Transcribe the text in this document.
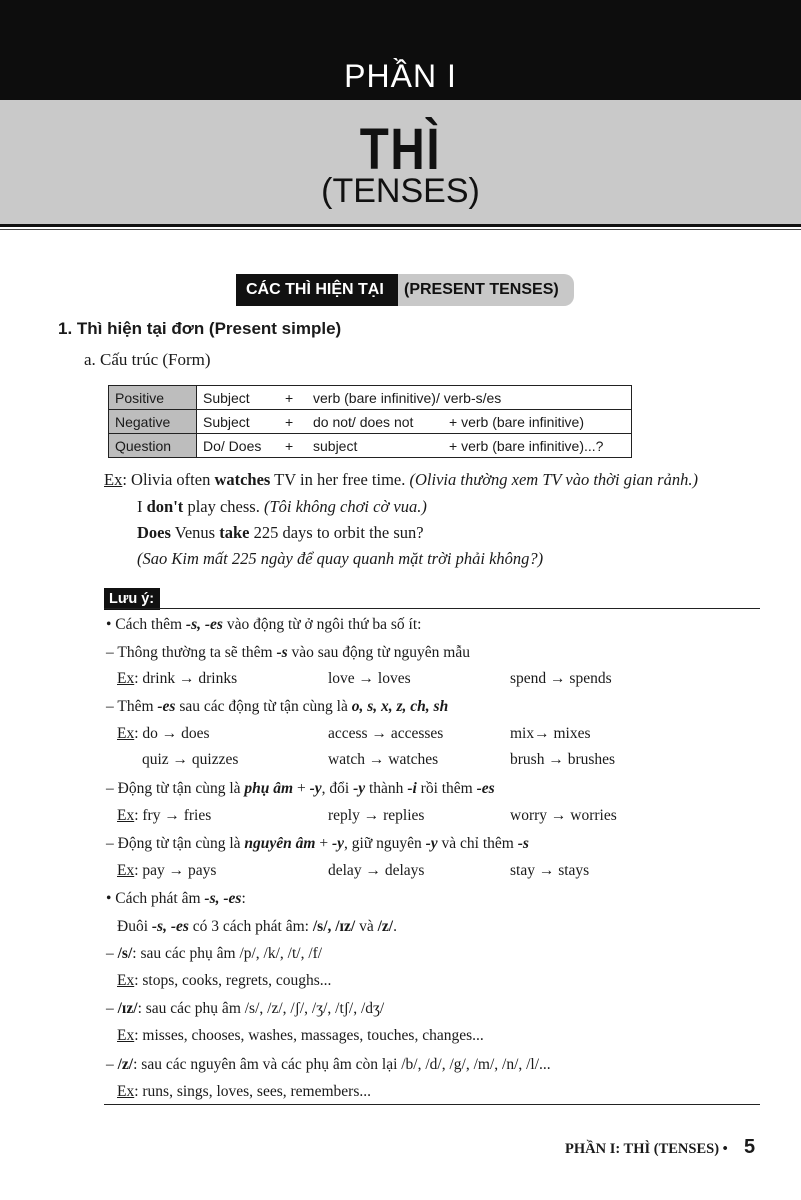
PHẦN I
THÌ
(TENSES)
CÁC THÌ HIỆN TẠI (PRESENT TENSES)
1. Thì hiện tại đơn (Present simple)
a. Cấu trúc (Form)
Positive	Subject + verb (bare infinitive)/ verb-s/es

Negative	Subject + do not/ does not + verb (bare infinitive)

Question	Do/ Does + subject + verb (bare infinitive)...?
Ex: Olivia often watches TV in her free time. (Olivia thường xem TV vào thời gian rảnh.)
I don't play chess. (Tôi không chơi cờ vua.)
Does Venus take 225 days to orbit the sun?
(Sao Kim mất 225 ngày để quay quanh mặt trời phải không?)
Lưu ý:
• Cách thêm -s, -es vào động từ ở ngôi thứ ba số ít:
– Thông thường ta sẽ thêm -s vào sau động từ nguyên mẫu
Ex: drink → drinks	love → loves	spend → spends
– Thêm -es sau các động từ tận cùng là o, s, x, z, ch, sh
Ex: do → does	access → accesses	mix→ mixes
quiz → quizzes	watch → watches	brush → brushes
– Động từ tận cùng là phụ âm + -y, đổi -y thành -i rồi thêm -es
Ex: fry → fries	reply → replies	worry → worries
– Động từ tận cùng là nguyên âm + -y, giữ nguyên -y và chỉ thêm -s
Ex: pay → pays	delay → delays	stay → stays
• Cách phát âm -s, -es:
Đuôi -s, -es có 3 cách phát âm: /s/, /ɪz/ và /z/.
– /s/: sau các phụ âm /p/, /k/, /t/, /f/
Ex: stops, cooks, regrets, coughs...
– /ɪz/: sau các phụ âm /s/, /z/, /ʃ/, /ʒ/, /tʃ/, /dʒ/
Ex: misses, chooses, washes, massages, touches, changes...
– /z/: sau các nguyên âm và các phụ âm còn lại /b/, /d/, /g/, /m/, /n/, /l/...
Ex: runs, sings, loves, sees, remembers...
PHẦN I: THÌ (TENSES) • 5
